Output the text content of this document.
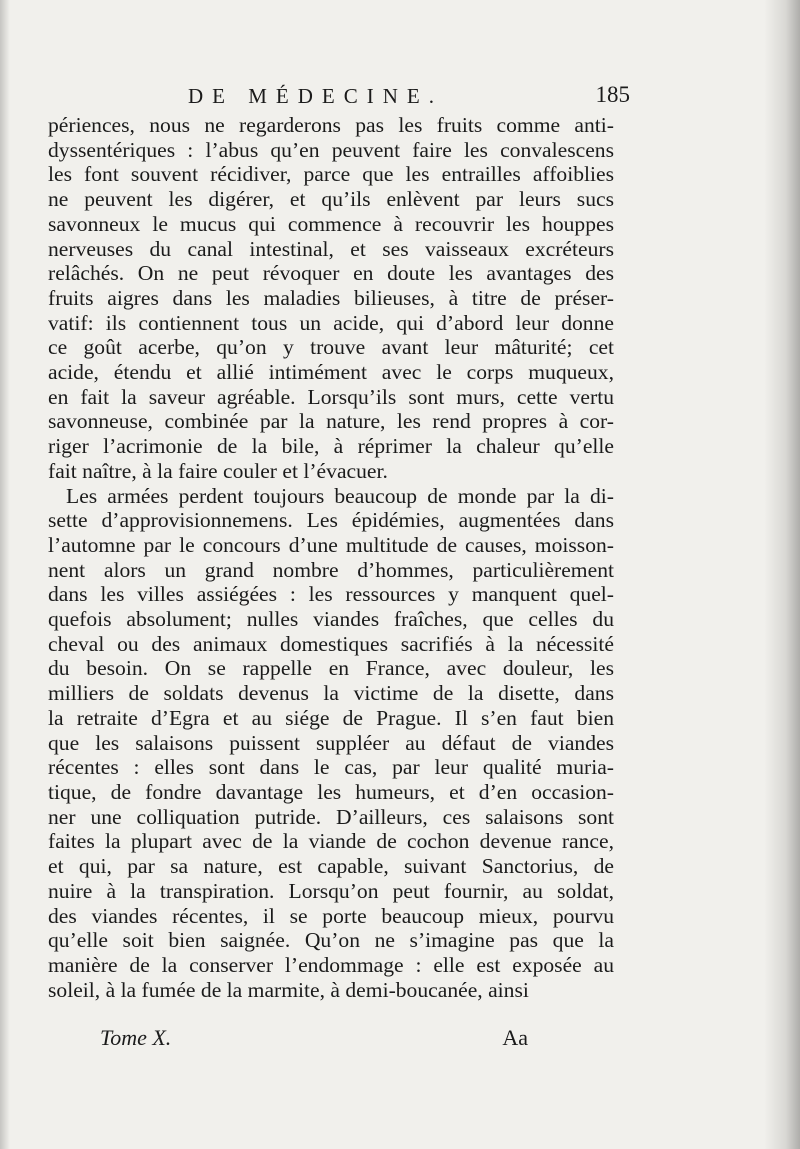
DE MÉDECINE.	185
périences, nous ne regarderons pas les fruits comme anti-
dyssentériques : l’abus qu’en peuvent faire les convalescens
les font souvent récidiver, parce que les entrailles affoiblies
ne peuvent les digérer, et qu’ils enlèvent par leurs sucs
savonneux le mucus qui commence à recouvrir les houppes
nerveuses du canal intestinal, et ses vaisseaux excréteurs
relâchés. On ne peut révoquer en doute les avantages des
fruits aigres dans les maladies bilieuses, à titre de préser-
vatif: ils contiennent tous un acide, qui d’abord leur donne
ce goût acerbe, qu’on y trouve avant leur mâturité; cet
acide, étendu et allié intimément avec le corps muqueux,
en fait la saveur agréable. Lorsqu’ils sont murs, cette vertu
savonneuse, combinée par la nature, les rend propres à cor-
riger l’acrimonie de la bile, à réprimer la chaleur qu’elle
fait naître, à la faire couler et l’évacuer.
Les armées perdent toujours beaucoup de monde par la di-
sette d’approvisionnemens. Les épidémies, augmentées dans
l’automne par le concours d’une multitude de causes, moisson-
nent alors un grand nombre d’hommes, particulièrement
dans les villes assiégées : les ressources y manquent quel-
quefois absolument; nulles viandes fraîches, que celles du
cheval ou des animaux domestiques sacrifiés à la nécessité
du besoin. On se rappelle en France, avec douleur, les
milliers de soldats devenus la victime de la disette, dans
la retraite d’Egra et au siége de Prague. Il s’en faut bien
que les salaisons puissent suppléer au défaut de viandes
récentes : elles sont dans le cas, par leur qualité muria-
tique, de fondre davantage les humeurs, et d’en occasion-
ner une colliquation putride. D’ailleurs, ces salaisons sont
faites la plupart avec de la viande de cochon devenue rance,
et qui, par sa nature, est capable, suivant Sanctorius, de
nuire à la transpiration. Lorsqu’on peut fournir, au soldat,
des viandes récentes, il se porte beaucoup mieux, pourvu
qu’elle soit bien saignée. Qu’on ne s’imagine pas que la
manière de la conserver l’endommage : elle est exposée au
soleil, à la fumée de la marmite, à demi-boucanée, ainsi
Tome X.	Aa
